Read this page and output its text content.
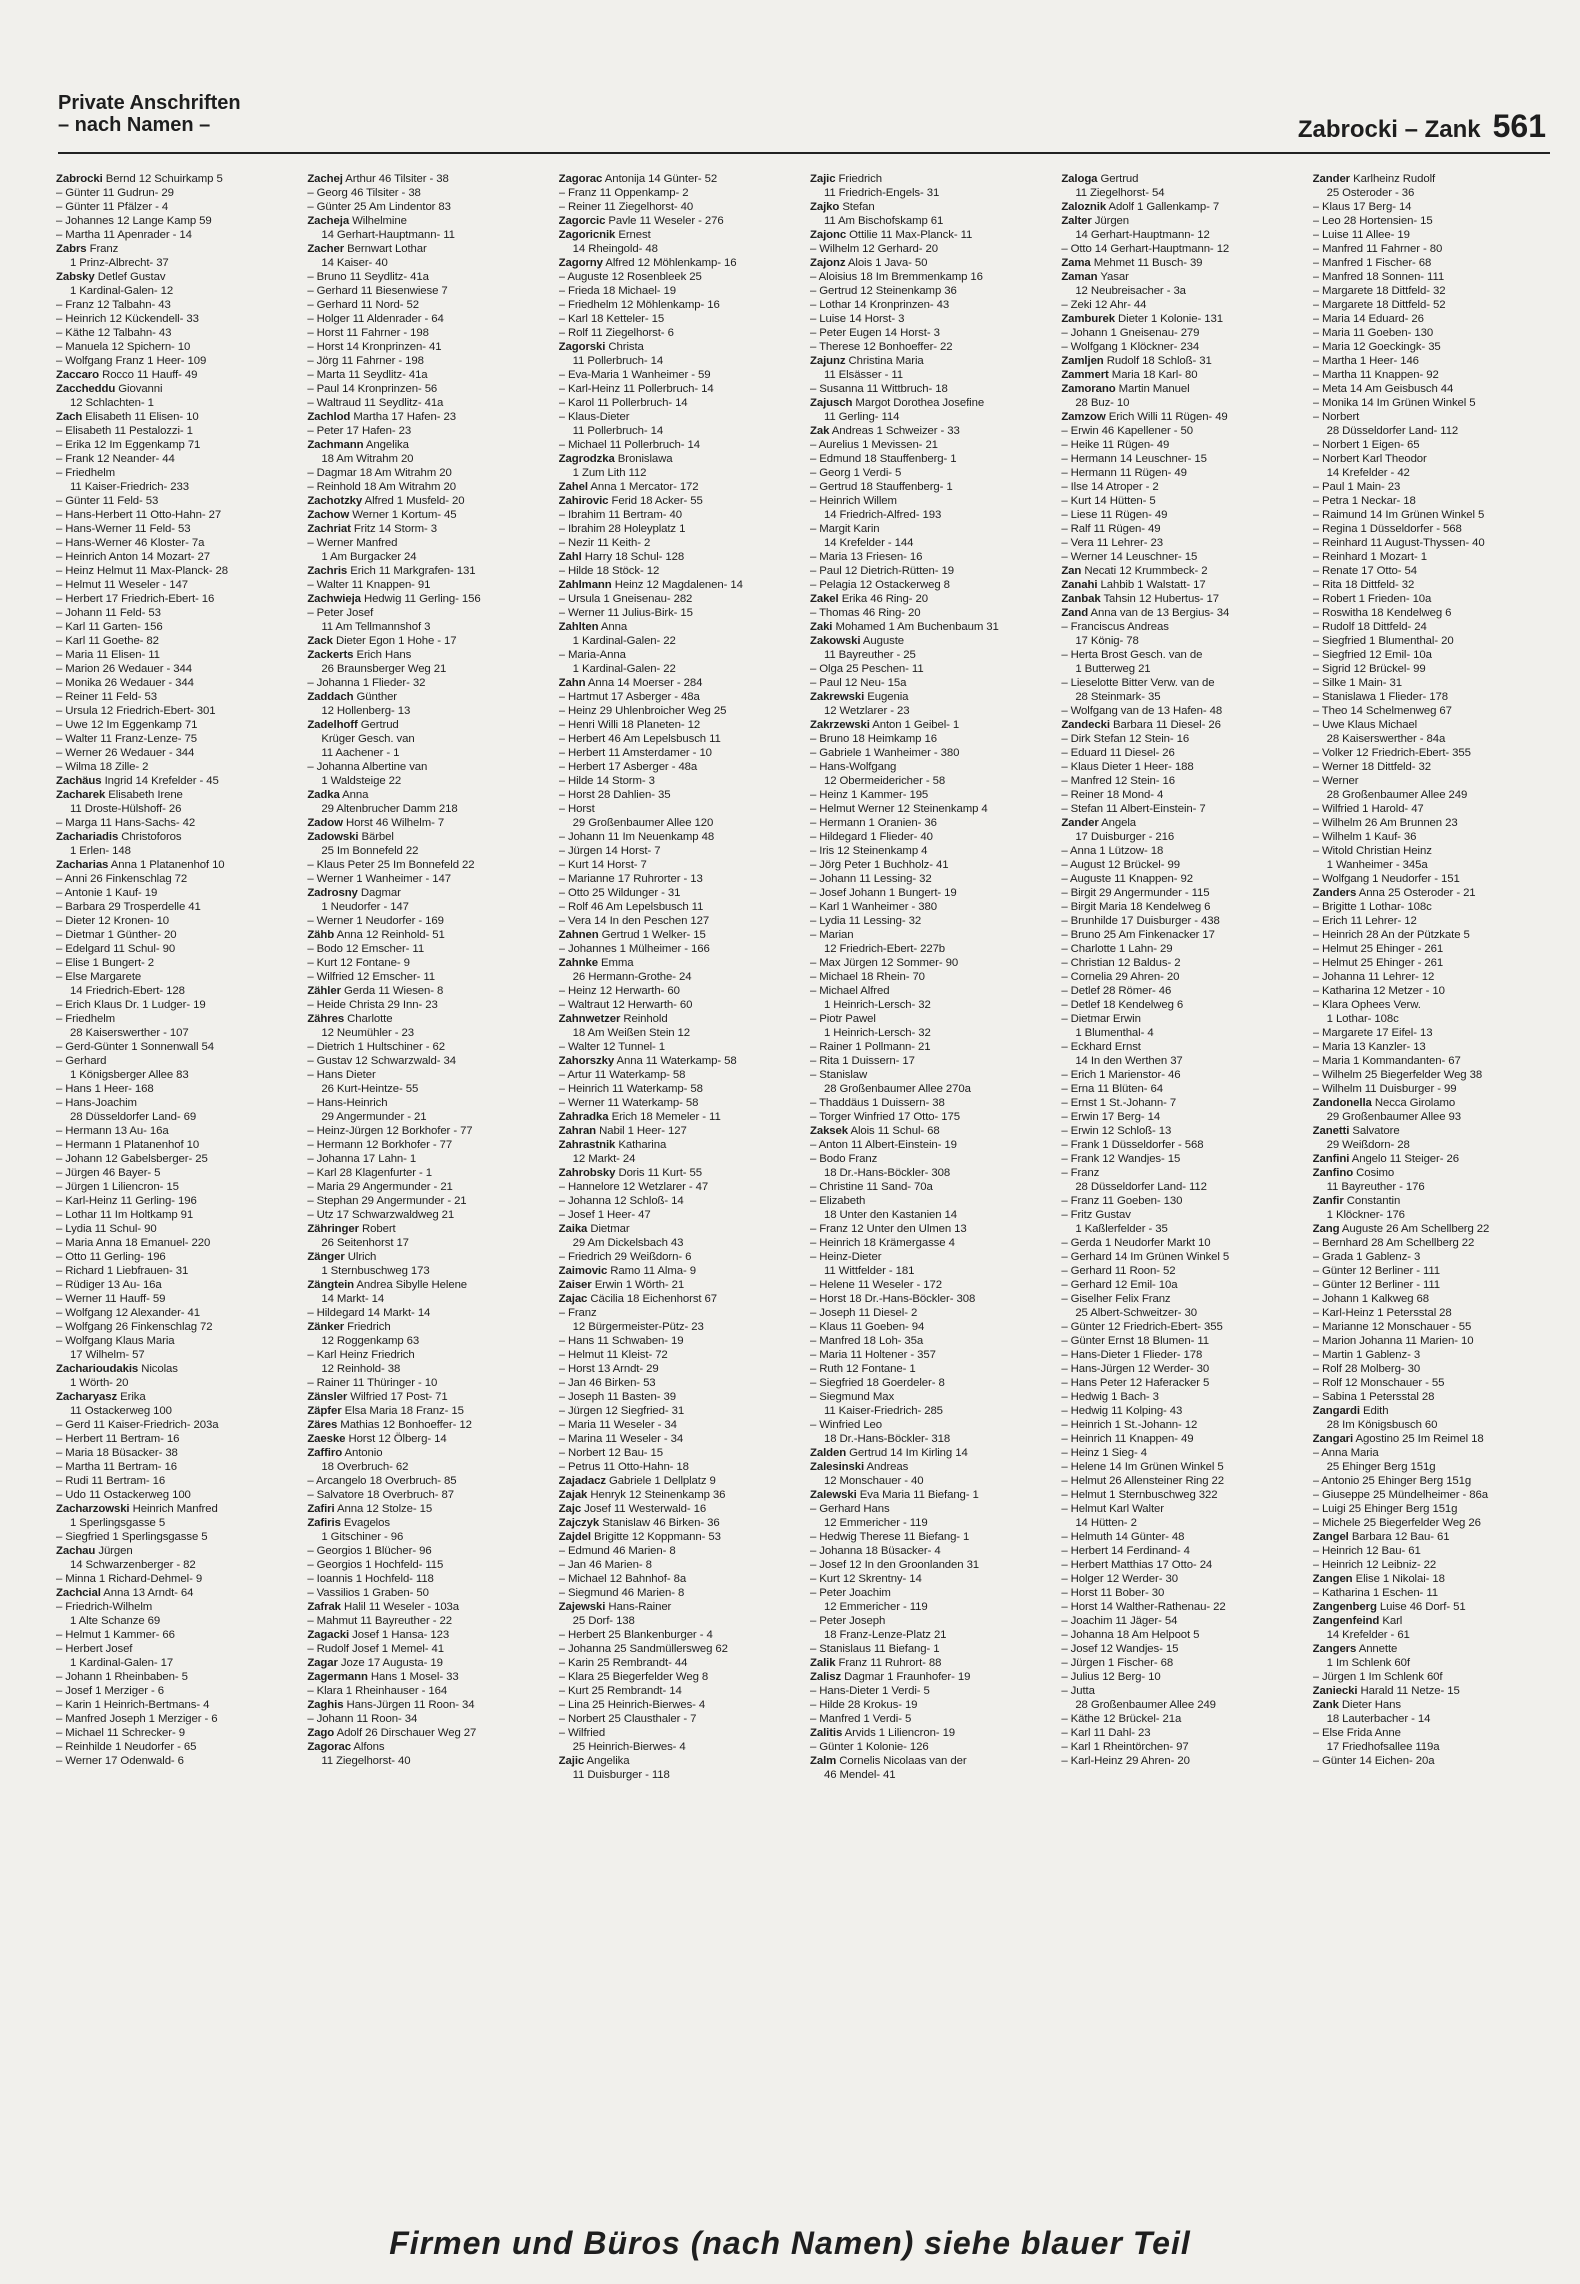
Private Anschriften
– nach Namen –	Zabrocki – Zank 561
Zabrocki Bernd 12 Schuirkamp 5
– Günter 11 Gudrun- 29
– Günter 11 Pfälzer - 4
– Johannes 12 Lange Kamp 59
– Martha 11 Apenrader - 14
Zabrs Franz
1 Prinz-Albrecht- 37
Zabsky Detlef Gustav
1 Kardinal-Galen- 12
– Franz 12 Talbahn- 43
– Heinrich 12 Kückendell- 33
– Käthe 12 Talbahn- 43
– Manuela 12 Spichern- 10
– Wolfgang Franz 1 Heer- 109
Zaccaro Rocco 11 Hauff- 49
Zaccheddu Giovanni
12 Schlachten- 1
Zach Elisabeth 11 Elisen- 10
– Elisabeth 11 Pestalozzi- 1
– Erika 12 Im Eggenkamp 71
– Frank 12 Neander- 44
– Friedhelm
11 Kaiser-Friedrich- 233
– Günter 11 Feld- 53
– Hans-Herbert 11 Otto-Hahn- 27
– Hans-Werner 11 Feld- 53
– Hans-Werner 46 Kloster- 7a
– Heinrich Anton 14 Mozart- 27
– Heinz Helmut 11 Max-Planck- 28
– Helmut 11 Weseler - 147
– Herbert 17 Friedrich-Ebert- 16
– Johann 11 Feld- 53
– Karl 11 Garten- 156
– Karl 11 Goethe- 82
– Maria 11 Elisen- 11
– Marion 26 Wedauer - 344
– Monika 26 Wedauer - 344
– Reiner 11 Feld- 53
– Ursula 12 Friedrich-Ebert- 301
– Uwe 12 Im Eggenkamp 71
– Walter 11 Franz-Lenze- 75
– Werner 26 Wedauer - 344
– Wilma 18 Zille- 2
Zachäus Ingrid 14 Krefelder - 45
Zacharek Elisabeth Irene
11 Droste-Hülshoff- 26
– Marga 11 Hans-Sachs- 42
Zachariadis Christoforos
1 Erlen- 148
Zacharias Anna 1 Platanenhof 10
– Anni 26 Finkenschlag 72
– Antonie 1 Kauf- 19
– Barbara 29 Trosperdelle 41
– Dieter 12 Kronen- 10
– Dietmar 1 Günther- 20
– Edelgard 11 Schul- 90
– Elise 1 Bungert- 2
– Else Margarete
14 Friedrich-Ebert- 128
– Erich Klaus Dr. 1 Ludger- 19
– Friedhelm
28 Kaiserswerther - 107
– Gerd-Günter 1 Sonnenwall 54
– Gerhard
1 Königsberger Allee 83
– Hans 1 Heer- 168
– Hans-Joachim
28 Düsseldorfer Land- 69
– Hermann 13 Au- 16a
– Hermann 1 Platanenhof 10
– Johann 12 Gabelsberger- 25
– Jürgen 46 Bayer- 5
– Jürgen 1 Liliencron- 15
– Karl-Heinz 11 Gerling- 196
– Lothar 11 Im Holtkamp 91
– Lydia 11 Schul- 90
– Maria Anna 18 Emanuel- 220
– Otto 11 Gerling- 196
– Richard 1 Liebfrauen- 31
– Rüdiger 13 Au- 16a
– Werner 11 Hauff- 59
– Wolfgang 12 Alexander- 41
– Wolfgang 26 Finkenschlag 72
– Wolfgang Klaus Maria
17 Wilhelm- 57
Zacharioudakis Nicolas
1 Wörth- 20
Zacharyasz Erika
11 Ostackerweg 100
– Gerd 11 Kaiser-Friedrich- 203a
– Herbert 11 Bertram- 16
– Maria 18 Büsacker- 38
– Martha 11 Bertram- 16
– Rudi 11 Bertram- 16
– Udo 11 Ostackerweg 100
Zacharzowski Heinrich Manfred
1 Sperlingsgasse 5
– Siegfried 1 Sperlingsgasse 5
Zachau Jürgen
14 Schwarzenberger - 82
– Minna 1 Richard-Dehmel- 9
Zachcial Anna 13 Arndt- 64
– Friedrich-Wilhelm
1 Alte Schanze 69
– Helmut 1 Kammer- 66
– Herbert Josef
1 Kardinal-Galen- 17
– Johann 1 Rheinbaben- 5
– Josef 1 Merziger - 6
– Karin 1 Heinrich-Bertmans- 4
– Manfred Joseph 1 Merziger - 6
– Michael 11 Schrecker- 9
– Reinhilde 1 Neudorfer - 65
– Werner 17 Odenwald- 6
Zachej Arthur 46 Tilsiter - 38
– Georg 46 Tilsiter - 38
– Günter 25 Am Lindentor 83
Zacheja Wilhelmine
14 Gerhart-Hauptmann- 11
Zacher Bernwart Lothar
14 Kaiser- 40
– Bruno 11 Seydlitz- 41a
– Gerhard 11 Biesenwiese 7
– Gerhard 11 Nord- 52
– Holger 11 Aldenrader - 64
– Horst 11 Fahrner - 198
– Horst 14 Kronprinzen- 41
– Jörg 11 Fahrner - 198
– Marta 11 Seydlitz- 41a
– Paul 14 Kronprinzen- 56
– Waltraud 11 Seydlitz- 41a
Zachlod Martha 17 Hafen- 23
– Peter 17 Hafen- 23
Zachmann Angelika
18 Am Witrahm 20
– Dagmar 18 Am Witrahm 20
– Reinhold 18 Am Witrahm 20
Zachotzky Alfred 1 Musfeld- 20
Zachow Werner 1 Kortum- 45
Zachriat Fritz 14 Storm- 3
– Werner Manfred
1 Am Burgacker 24
Zachris Erich 11 Markgrafen- 131
– Walter 11 Knappen- 91
Zachwieja Hedwig 11 Gerling- 156
– Peter Josef
11 Am Tellmannshof 3
Zack Dieter Egon 1 Hohe - 17
Zackerts Erich Hans
26 Braunsberger Weg 21
– Johanna 1 Flieder- 32
Zaddach Günther
12 Hollenberg- 13
Zadelhoff Gertrud
Krüger Gesch. van
11 Aachener - 1
– Johanna Albertine van
1 Waldsteige 22
Zadka Anna
29 Altenbrucher Damm 218
Zadow Horst 46 Wilhelm- 7
Zadowski Bärbel
25 Im Bonnefeld 22
– Klaus Peter 25 Im Bonnefeld 22
– Werner 1 Wanheimer - 147
Zadrosny Dagmar
1 Neudorfer - 147
– Werner 1 Neudorfer - 169
Zähb Anna 12 Reinhold- 51
– Bodo 12 Emscher- 11
– Kurt 12 Fontane- 9
– Wilfried 12 Emscher- 11
Zähler Gerda 11 Wiesen- 8
– Heide Christa 29 Inn- 23
Zähres Charlotte
12 Neumühler - 23
– Dietrich 1 Hultschiner - 62
– Gustav 12 Schwarzwald- 34
– Hans Dieter
26 Kurt-Heintze- 55
– Hans-Heinrich
29 Angermunder - 21
– Heinz-Jürgen 12 Borkhofer - 77
– Hermann 12 Borkhofer - 77
– Johanna 17 Lahn- 1
– Karl 28 Klagenfurter - 1
– Maria 29 Angermunder - 21
– Stephan 29 Angermunder - 21
– Utz 17 Schwarzwaldweg 21
Zähringer Robert
26 Seitenhorst 17
Zänger Ulrich
1 Sternbuschweg 173
Zängtein Andrea Sibylle Helene
14 Markt- 14
– Hildegard 14 Markt- 14
Zänker Friedrich
12 Roggenkamp 63
– Karl Heinz Friedrich
12 Reinhold- 38
– Rainer 11 Thüringer - 10
Zänsler Wilfried 17 Post- 71
Zäpfer Elsa Maria 18 Franz- 15
Zäres Mathias 12 Bonhoeffer- 12
Zaeske Horst 12 Ölberg- 14
Zaffiro Antonio
18 Overbruch- 62
– Arcangelo 18 Overbruch- 85
– Salvatore 18 Overbruch- 87
Zafiri Anna 12 Stolze- 15
Zafiris Evagelos
1 Gitschiner - 96
– Georgios 1 Blücher- 96
– Georgios 1 Hochfeld- 115
– Ioannis 1 Hochfeld- 118
– Vassilios 1 Graben- 50
Zafrak Halil 11 Weseler - 103a
– Mahmut 11 Bayreuther - 22
Zagacki Josef 1 Hansa- 123
– Rudolf Josef 1 Memel- 41
Zagar Joze 17 Augusta- 19
Zagermann Hans 1 Mosel- 33
– Klara 1 Rheinhauser - 164
Zaghis Hans-Jürgen 11 Roon- 34
– Johann 11 Roon- 34
Zago Adolf 26 Dirschauer Weg 27
Zagorac Alfons
11 Ziegelhorst- 40
Zagorac Antonija 14 Günter- 52
– Franz 11 Oppenkamp- 2
– Reiner 11 Ziegelhorst- 40
Zagorcic Pavle 11 Weseler - 276
Zagoricnik Ernest
14 Rheingold- 48
Zagorny Alfred 12 Möhlenkamp- 16
– Auguste 12 Rosenbleek 25
– Frieda 18 Michael- 19
– Friedhelm 12 Möhlenkamp- 16
– Karl 18 Ketteler- 15
– Rolf 11 Ziegelhorst- 6
Zagorski Christa
11 Pollerbruch- 14
– Eva-Maria 1 Wanheimer - 59
– Karl-Heinz 11 Pollerbruch- 14
– Karol 11 Pollerbruch- 14
– Klaus-Dieter
11 Pollerbruch- 14
– Michael 11 Pollerbruch- 14
Zagrodzka Bronislawa
1 Zum Lith 112
Zahel Anna 1 Mercator- 172
Zahirovic Ferid 18 Acker- 55
– Ibrahim 11 Bertram- 40
– Ibrahim 28 Holeyplatz 1
– Nezir 11 Keith- 2
Zahl Harry 18 Schul- 128
– Hilde 18 Stöck- 12
Zahlmann Heinz 12 Magdalenen- 14
– Ursula 1 Gneisenau- 282
– Werner 11 Julius-Birk- 15
Zahlten Anna
1 Kardinal-Galen- 22
– Maria-Anna
1 Kardinal-Galen- 22
Zahn Anna 14 Moerser - 284
– Hartmut 17 Asberger - 48a
– Heinz 29 Uhlenbroicher Weg 25
– Henri Willi 18 Planeten- 12
– Herbert 46 Am Lepelsbusch 11
– Herbert 11 Amsterdamer - 10
– Herbert 17 Asberger - 48a
– Hilde 14 Storm- 3
– Horst 28 Dahlien- 35
– Horst
29 Großenbaumer Allee 120
– Johann 11 Im Neuenkamp 48
– Jürgen 14 Horst- 7
– Kurt 14 Horst- 7
– Marianne 17 Ruhrorter - 13
– Otto 25 Wildunger - 31
– Rolf 46 Am Lepelsbusch 11
– Vera 14 In den Peschen 127
Zahnen Gertrud 1 Welker- 15
– Johannes 1 Mülheimer - 166
Zahnke Emma
26 Hermann-Grothe- 24
– Heinz 12 Herwarth- 60
– Waltraut 12 Herwarth- 60
Zahnwetzer Reinhold
18 Am Weißen Stein 12
– Walter 12 Tunnel- 1
Zahorszky Anna 11 Waterkamp- 58
– Artur 11 Waterkamp- 58
– Heinrich 11 Waterkamp- 58
– Werner 11 Waterkamp- 58
Zahradka Erich 18 Memeler - 11
Zahran Nabil 1 Heer- 127
Zahrastnik Katharina
12 Markt- 24
Zahrobsky Doris 11 Kurt- 55
– Hannelore 12 Wetzlarer - 47
– Johanna 12 Schloß- 14
– Josef 1 Heer- 47
Zaika Dietmar
29 Am Dickelsbach 43
– Friedrich 29 Weißdorn- 6
Zaimovic Ramo 11 Alma- 9
Zaiser Erwin 1 Wörth- 21
Zajac Cäcilia 18 Eichenhorst 67
– Franz
12 Bürgermeister-Pütz- 23
– Hans 11 Schwaben- 19
– Helmut 11 Kleist- 72
– Horst 13 Arndt- 29
– Jan 46 Birken- 53
– Joseph 11 Basten- 39
– Jürgen 12 Siegfried- 31
– Maria 11 Weseler - 34
– Marina 11 Weseler - 34
– Norbert 12 Bau- 15
– Petrus 11 Otto-Hahn- 18
Zajadacz Gabriele 1 Dellplatz 9
Zajak Henryk 12 Steinenkamp 36
Zajc Josef 11 Westerwald- 16
Zajczyk Stanislaw 46 Birken- 36
Zajdel Brigitte 12 Koppmann- 53
– Edmund 46 Marien- 8
– Jan 46 Marien- 8
– Michael 12 Bahnhof- 8a
– Siegmund 46 Marien- 8
Zajewski Hans-Rainer
25 Dorf- 138
– Herbert 25 Blankenburger - 4
– Johanna 25 Sandmüllersweg 62
– Karin 25 Rembrandt- 44
– Klara 25 Biegerfelder Weg 8
– Kurt 25 Rembrandt- 14
– Lina 25 Heinrich-Bierwes- 4
– Norbert 25 Clausthaler - 7
– Wilfried
25 Heinrich-Bierwes- 4
Zajic Angelika
11 Duisburger - 118
Zajic Friedrich
11 Friedrich-Engels- 31
Zajko Stefan
11 Am Bischofskamp 61
Zajonc Ottilie 11 Max-Planck- 11
– Wilhelm 12 Gerhard- 20
Zajonz Alois 1 Java- 50
– Aloisius 18 Im Bremmenkamp 16
– Gertrud 12 Steinenkamp 36
– Lothar 14 Kronprinzen- 43
– Luise 14 Horst- 3
– Peter Eugen 14 Horst- 3
– Therese 12 Bonhoeffer- 22
Zajunz Christina Maria
11 Elsässer - 11
– Susanna 11 Wittbruch- 18
Zajusch Margot Dorothea Josefine
11 Gerling- 114
Zak Andreas 1 Schweizer - 33
– Aurelius 1 Mevissen- 21
– Edmund 18 Stauffenberg- 1
– Georg 1 Verdi- 5
– Gertrud 18 Stauffenberg- 1
– Heinrich Willem
14 Friedrich-Alfred- 193
– Margit Karin
14 Krefelder - 144
– Maria 13 Friesen- 16
– Paul 12 Dietrich-Rütten- 19
– Pelagia 12 Ostackerweg 8
Zakel Erika 46 Ring- 20
– Thomas 46 Ring- 20
Zaki Mohamed 1 Am Buchenbaum 31
Zakowski Auguste
11 Bayreuther - 25
– Olga 25 Peschen- 11
– Paul 12 Neu- 15a
Zakrewski Eugenia
12 Wetzlarer - 23
Zakrzewski Anton 1 Geibel- 1
– Bruno 18 Heimkamp 16
– Gabriele 1 Wanheimer - 380
– Hans-Wolfgang
12 Obermeidericher - 58
– Heinz 1 Kammer- 195
– Helmut Werner 12 Steinenkamp 4
– Hermann 1 Oranien- 36
– Hildegard 1 Flieder- 40
– Iris 12 Steinenkamp 4
– Jörg Peter 1 Buchholz- 41
– Johann 11 Lessing- 32
– Josef Johann 1 Bungert- 19
– Karl 1 Wanheimer - 380
– Lydia 11 Lessing- 32
– Marian
12 Friedrich-Ebert- 227b
– Max Jürgen 12 Sommer- 90
– Michael 18 Rhein- 70
– Michael Alfred
1 Heinrich-Lersch- 32
– Piotr Pawel
1 Heinrich-Lersch- 32
– Rainer 1 Pollmann- 21
– Rita 1 Duissern- 17
– Stanislaw
28 Großenbaumer Allee 270a
– Thaddäus 1 Duissern- 38
– Torger Winfried 17 Otto- 175
Zaksek Alois 11 Schul- 68
– Anton 11 Albert-Einstein- 19
– Bodo Franz
18 Dr.-Hans-Böckler- 308
– Christine 11 Sand- 70a
– Elizabeth
18 Unter den Kastanien 14
– Franz 12 Unter den Ulmen 13
– Heinrich 18 Krämergasse 4
– Heinz-Dieter
11 Wittfelder - 181
– Helene 11 Weseler - 172
– Horst 18 Dr.-Hans-Böckler- 308
– Joseph 11 Diesel- 2
– Klaus 11 Goeben- 94
– Manfred 18 Loh- 35a
– Maria 11 Holtener - 357
– Ruth 12 Fontane- 1
– Siegfried 18 Goerdeler- 8
– Siegmund Max
11 Kaiser-Friedrich- 285
– Winfried Leo
18 Dr.-Hans-Böckler- 318
Zalden Gertrud 14 Im Kirling 14
Zalesinski Andreas
12 Monschauer - 40
Zalewski Eva Maria 11 Biefang- 1
– Gerhard Hans
12 Emmericher - 119
– Hedwig Therese 11 Biefang- 1
– Johanna 18 Büsacker- 4
– Josef 12 In den Groonlanden 31
– Kurt 12 Skrentny- 14
– Peter Joachim
12 Emmericher - 119
– Peter Joseph
18 Franz-Lenze-Platz 21
– Stanislaus 11 Biefang- 1
Zalik Franz 11 Ruhrort- 88
Zalisz Dagmar 1 Fraunhofer- 19
– Hans-Dieter 1 Verdi- 5
– Hilde 28 Krokus- 19
– Manfred 1 Verdi- 5
Zalitis Arvids 1 Liliencron- 19
– Günter 1 Kolonie- 126
Zalm Cornelis Nicolaas van der
46 Mendel- 41
Zaloga Gertrud
11 Ziegelhorst- 54
Zaloznik Adolf 1 Gallenkamp- 7
Zalter Jürgen
14 Gerhart-Hauptmann- 12
– Otto 14 Gerhart-Hauptmann- 12
Zama Mehmet 11 Busch- 39
Zaman Yasar
12 Neubreisacher - 3a
– Zeki 12 Ahr- 44
Zamburek Dieter 1 Kolonie- 131
– Johann 1 Gneisenau- 279
– Wolfgang 1 Klöckner- 234
Zamljen Rudolf 18 Schloß- 31
Zammert Maria 18 Karl- 80
Zamorano Martin Manuel
28 Buz- 10
Zamzow Erich Willi 11 Rügen- 49
– Erwin 46 Kapellener - 50
– Heike 11 Rügen- 49
– Hermann 14 Leuschner- 15
– Hermann 11 Rügen- 49
– Ilse 14 Atroper - 2
– Kurt 14 Hütten- 5
– Liese 11 Rügen- 49
– Ralf 11 Rügen- 49
– Vera 11 Lehrer- 23
– Werner 14 Leuschner- 15
Zan Necati 12 Krummbeck- 2
Zanahi Lahbib 1 Walstatt- 17
Zanbak Tahsin 12 Hubertus- 17
Zand Anna van de 13 Bergius- 34
– Franciscus Andreas
17 König- 78
– Herta Brost Gesch. van de
1 Butterweg 21
– Lieselotte Bitter Verw. van de
28 Steinmark- 35
– Wolfgang van de 13 Hafen- 48
Zandecki Barbara 11 Diesel- 26
– Dirk Stefan 12 Stein- 16
– Eduard 11 Diesel- 26
– Klaus Dieter 1 Heer- 188
– Manfred 12 Stein- 16
– Reiner 18 Mond- 4
– Stefan 11 Albert-Einstein- 7
Zander Angela
17 Duisburger - 216
– Anna 1 Lützow- 18
– August 12 Brückel- 99
– Auguste 11 Knappen- 92
– Birgit 29 Angermunder - 115
– Birgit Maria 18 Kendelweg 6
– Brunhilde 17 Duisburger - 438
– Bruno 25 Am Finkenacker 17
– Charlotte 1 Lahn- 29
– Christian 12 Baldus- 2
– Cornelia 29 Ahren- 20
– Detlef 28 Römer- 46
– Detlef 18 Kendelweg 6
– Dietmar Erwin
1 Blumenthal- 4
– Eckhard Ernst
14 In den Werthen 37
– Erich 1 Marienstor- 46
– Erna 11 Blüten- 64
– Ernst 1 St.-Johann- 7
– Erwin 17 Berg- 14
– Erwin 12 Schloß- 13
– Frank 1 Düsseldorfer - 568
– Frank 12 Wandjes- 15
– Franz
28 Düsseldorfer Land- 112
– Franz 11 Goeben- 130
– Fritz Gustav
1 Kaßlerfelder - 35
– Gerda 1 Neudorfer Markt 10
– Gerhard 14 Im Grünen Winkel 5
– Gerhard 11 Roon- 52
– Gerhard 12 Emil- 10a
– Giselher Felix Franz
25 Albert-Schweitzer- 30
– Günter 12 Friedrich-Ebert- 355
– Günter Ernst 18 Blumen- 11
– Hans-Dieter 1 Flieder- 178
– Hans-Jürgen 12 Werder- 30
– Hans Peter 12 Haferacker 5
– Hedwig 1 Bach- 3
– Hedwig 11 Kolping- 43
– Heinrich 1 St.-Johann- 12
– Heinrich 11 Knappen- 49
– Heinz 1 Sieg- 4
– Helene 14 Im Grünen Winkel 5
– Helmut 26 Allensteiner Ring 22
– Helmut 1 Sternbuschweg 322
– Helmut Karl Walter
14 Hütten- 2
– Helmuth 14 Günter- 48
– Herbert 14 Ferdinand- 4
– Herbert Matthias 17 Otto- 24
– Holger 12 Werder- 30
– Horst 11 Bober- 30
– Horst 14 Walther-Rathenau- 22
– Joachim 11 Jäger- 54
– Johanna 18 Am Helpoot 5
– Josef 12 Wandjes- 15
– Jürgen 1 Fischer- 68
– Julius 12 Berg- 10
– Jutta
28 Großenbaumer Allee 249
– Käthe 12 Brückel- 21a
– Karl 11 Dahl- 23
– Karl 1 Rheintörchen- 97
– Karl-Heinz 29 Ahren- 20
Zander Karlheinz Rudolf
25 Osteroder - 36
– Klaus 17 Berg- 14
– Leo 28 Hortensien- 15
– Luise 11 Allee- 19
– Manfred 11 Fahrner - 80
– Manfred 1 Fischer- 68
– Manfred 18 Sonnen- 111
– Margarete 18 Dittfeld- 32
– Margarete 18 Dittfeld- 52
– Maria 14 Eduard- 26
– Maria 11 Goeben- 130
– Maria 12 Goeckingk- 35
– Martha 1 Heer- 146
– Martha 11 Knappen- 92
– Meta 14 Am Geisbusch 44
– Monika 14 Im Grünen Winkel 5
– Norbert
28 Düsseldorfer Land- 112
– Norbert 1 Eigen- 65
– Norbert Karl Theodor
14 Krefelder - 42
– Paul 1 Main- 23
– Petra 1 Neckar- 18
– Raimund 14 Im Grünen Winkel 5
– Regina 1 Düsseldorfer - 568
– Reinhard 11 August-Thyssen- 40
– Reinhard 1 Mozart- 1
– Renate 17 Otto- 54
– Rita 18 Dittfeld- 32
– Robert 1 Frieden- 10a
– Roswitha 18 Kendelweg 6
– Rudolf 18 Dittfeld- 24
– Siegfried 1 Blumenthal- 20
– Siegfried 12 Emil- 10a
– Sigrid 12 Brückel- 99
– Silke 1 Main- 31
– Stanislawa 1 Flieder- 178
– Theo 14 Schelmenweg 67
– Uwe Klaus Michael
28 Kaiserswerther - 84a
– Volker 12 Friedrich-Ebert- 355
– Werner 18 Dittfeld- 32
– Werner
28 Großenbaumer Allee 249
– Wilfried 1 Harold- 47
– Wilhelm 26 Am Brunnen 23
– Wilhelm 1 Kauf- 36
– Witold Christian Heinz
1 Wanheimer - 345a
– Wolfgang 1 Neudorfer - 151
Zanders Anna 25 Osteroder - 21
– Brigitte 1 Lothar- 108c
– Erich 11 Lehrer- 12
– Heinrich 28 An der Pützkate 5
– Helmut 25 Ehinger - 261
– Helmut 25 Ehinger - 261
– Johanna 11 Lehrer- 12
– Katharina 12 Metzer - 10
– Klara Ophees Verw.
1 Lothar- 108c
– Margarete 17 Eifel- 13
– Maria 13 Kanzler- 13
– Maria 1 Kommandanten- 67
– Wilhelm 25 Biegerfelder Weg 38
– Wilhelm 11 Duisburger - 99
Zandonella Necca Girolamo
29 Großenbaumer Allee 93
Zanetti Salvatore
29 Weißdorn- 28
Zanfini Angelo 11 Steiger- 26
Zanfino Cosimo
11 Bayreuther - 176
Zanfir Constantin
1 Klöckner- 176
Zang Auguste 26 Am Schellberg 22
– Bernhard 28 Am Schellberg 22
– Grada 1 Gablenz- 3
– Günter 12 Berliner - 111
– Günter 12 Berliner - 111
– Johann 1 Kalkweg 68
– Karl-Heinz 1 Petersstal 28
– Marianne 12 Monschauer - 55
– Marion Johanna 11 Marien- 10
– Martin 1 Gablenz- 3
– Rolf 28 Molberg- 30
– Rolf 12 Monschauer - 55
– Sabina 1 Petersstal 28
Zangardi Edith
28 Im Königsbusch 60
Zangari Agostino 25 Im Reimel 18
– Anna Maria
25 Ehinger Berg 151g
– Antonio 25 Ehinger Berg 151g
– Giuseppe 25 Mündelheimer - 86a
– Luigi 25 Ehinger Berg 151g
– Michele 25 Biegerfelder Weg 26
Zangel Barbara 12 Bau- 61
– Heinrich 12 Bau- 61
– Heinrich 12 Leibniz- 22
Zangen Elise 1 Nikolai- 18
– Katharina 1 Eschen- 11
Zangenberg Luise 46 Dorf- 51
Zangenfeind Karl
14 Krefelder - 61
Zangers Annette
1 Im Schlenk 60f
– Jürgen 1 Im Schlenk 60f
Zaniecki Harald 11 Netze- 15
Zank Dieter Hans
18 Lauterbacher - 14
– Else Frida Anne
17 Friedhofsallee 119a
– Günter 14 Eichen- 20a
Firmen und Büros (nach Namen) siehe blauer Teil
